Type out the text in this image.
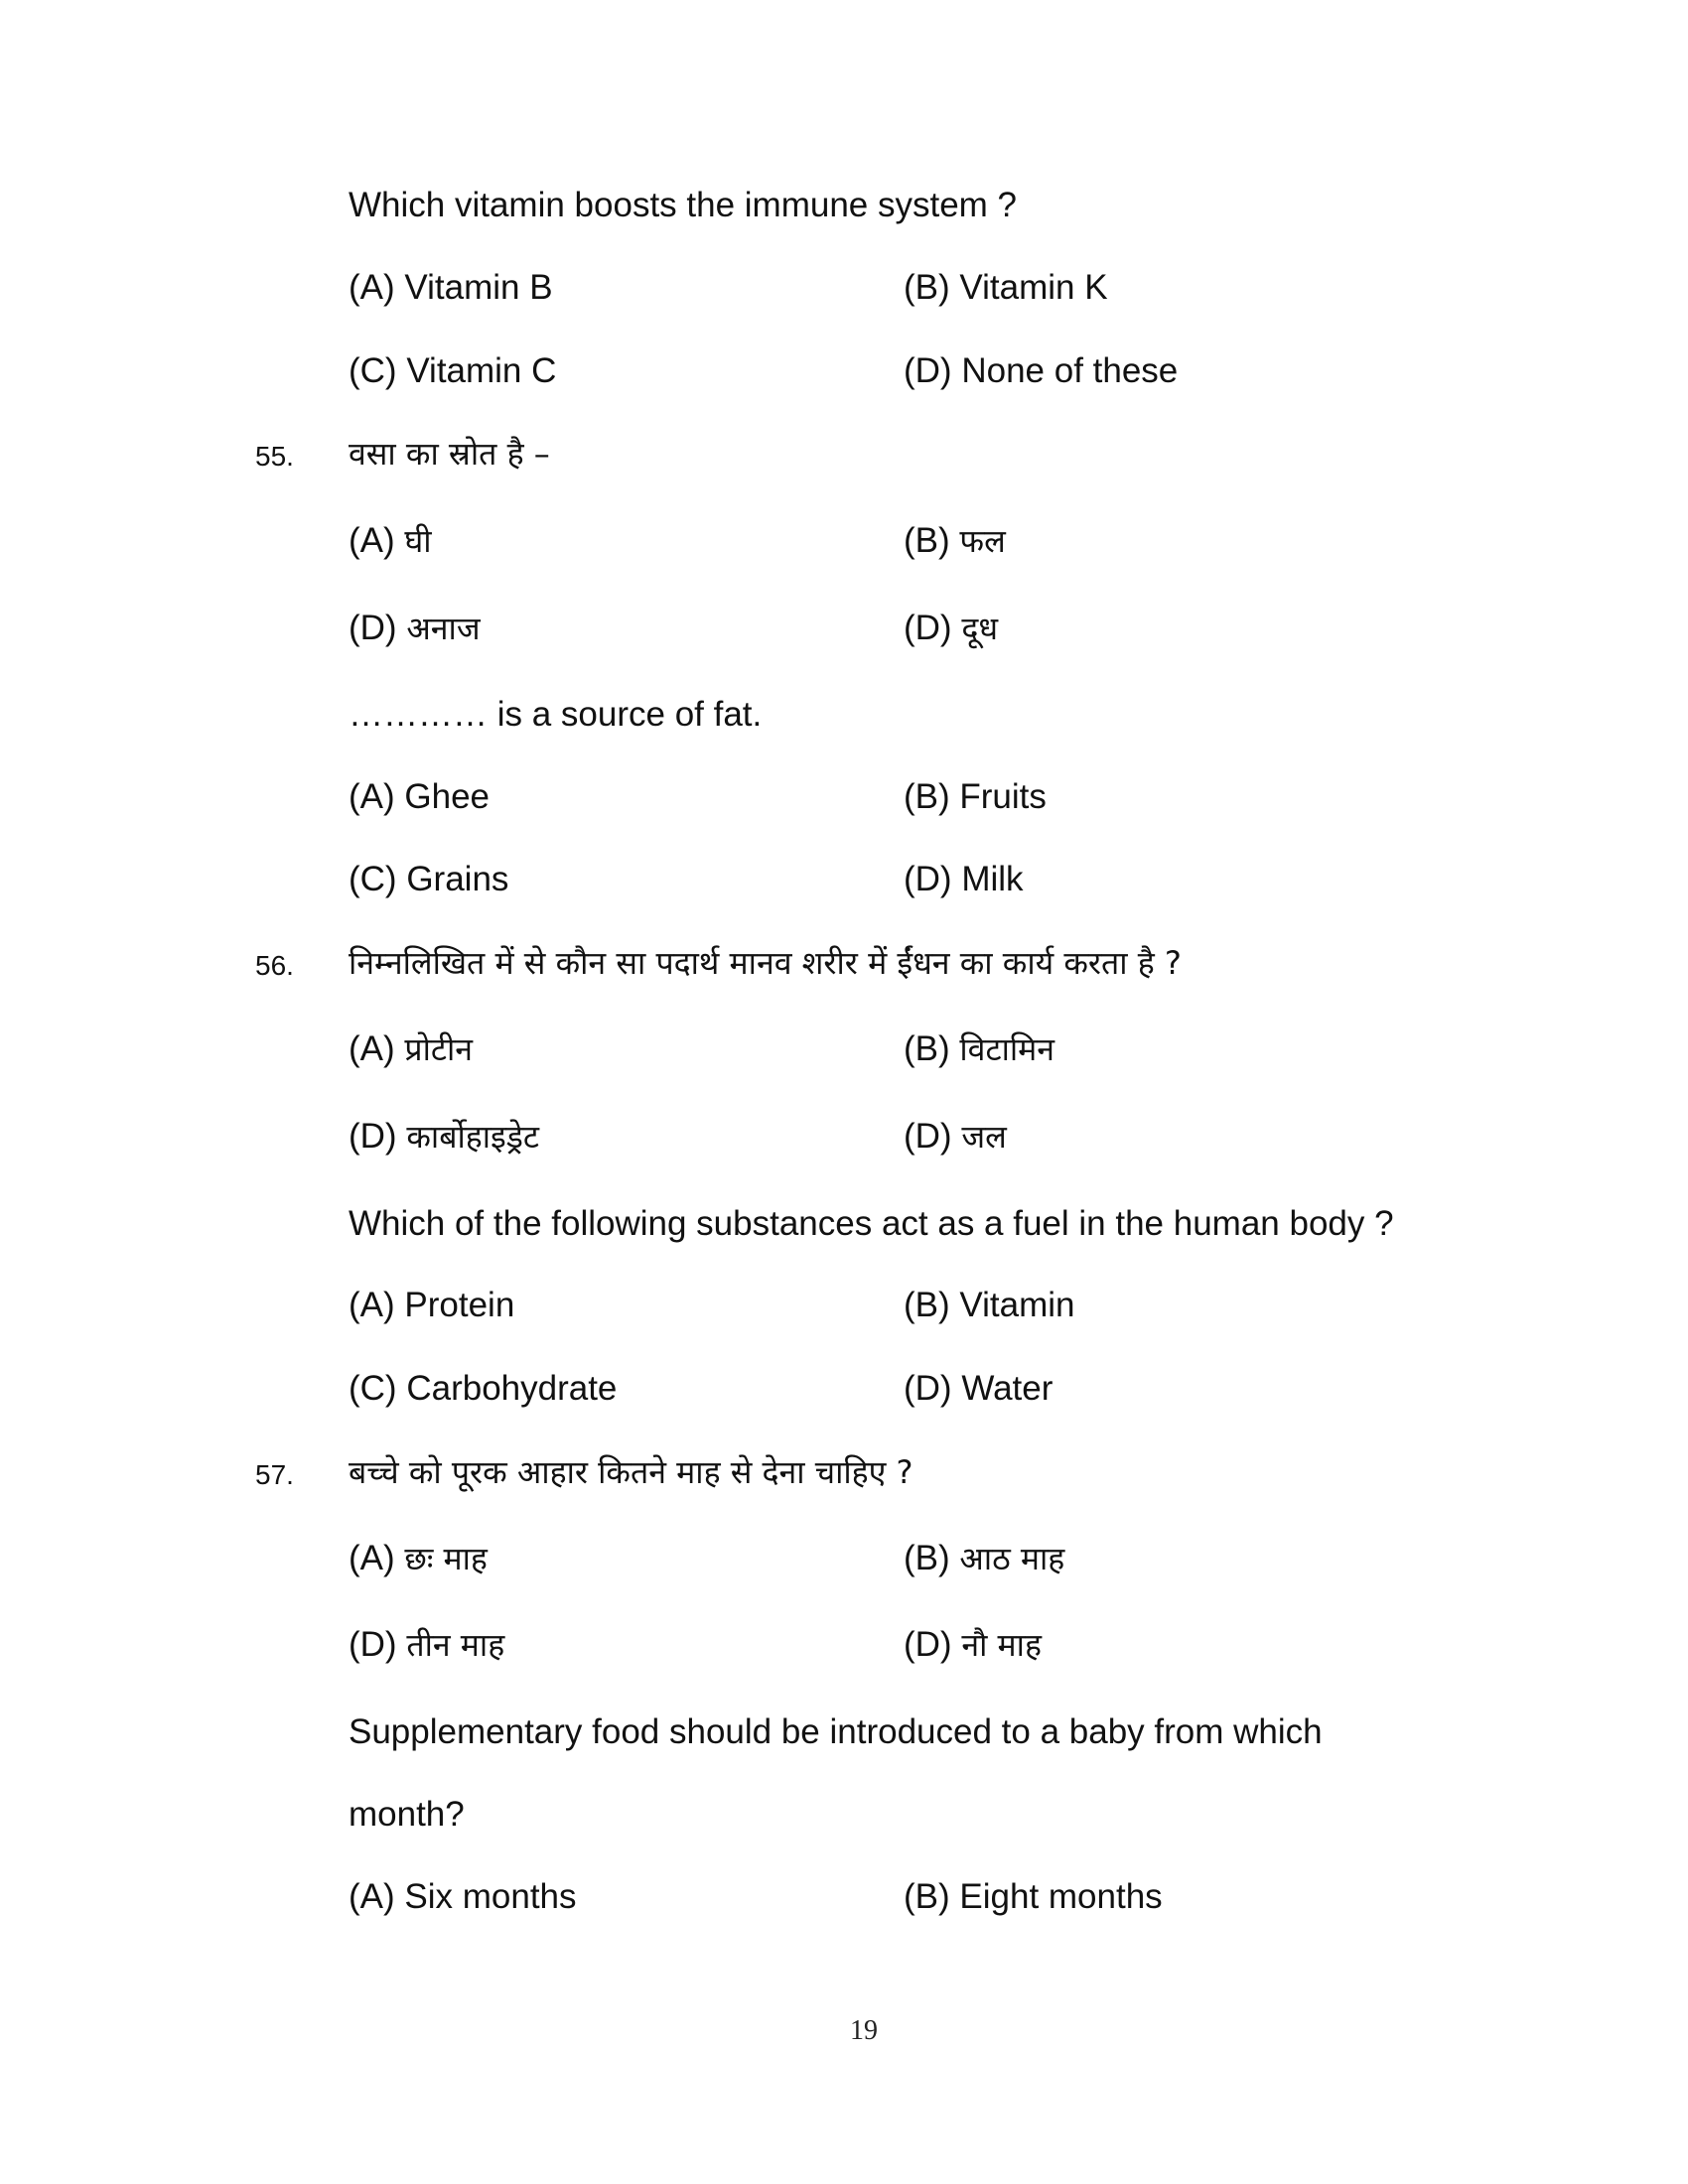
Which vitamin boosts the immune system ?
(A) Vitamin B	(B) Vitamin K
(C) Vitamin C	(D) None of these
55. वसा का स्रोत है –
(A) घी	(B) फल
(D) अनाज	(D) दूध
………… is a source of fat.
(A) Ghee	(B) Fruits
(C) Grains	(D) Milk
56. निम्नलिखित में से कौन सा पदार्थ मानव शरीर में ईंधन का कार्य करता है ?
(A) प्रोटीन	(B) विटामिन
(D) कार्बोहाइड्रेट	(D) जल
Which of the following substances act as a fuel in the human body ?
(A) Protein	(B) Vitamin
(C) Carbohydrate	(D) Water
57. बच्चे को पूरक आहार कितने माह से देना चाहिए ?
(A) छः माह	(B) आठ माह
(D) तीन माह	(D) नौ माह
Supplementary food should be introduced to a baby from which
month?
(A) Six months	(B) Eight months
19
